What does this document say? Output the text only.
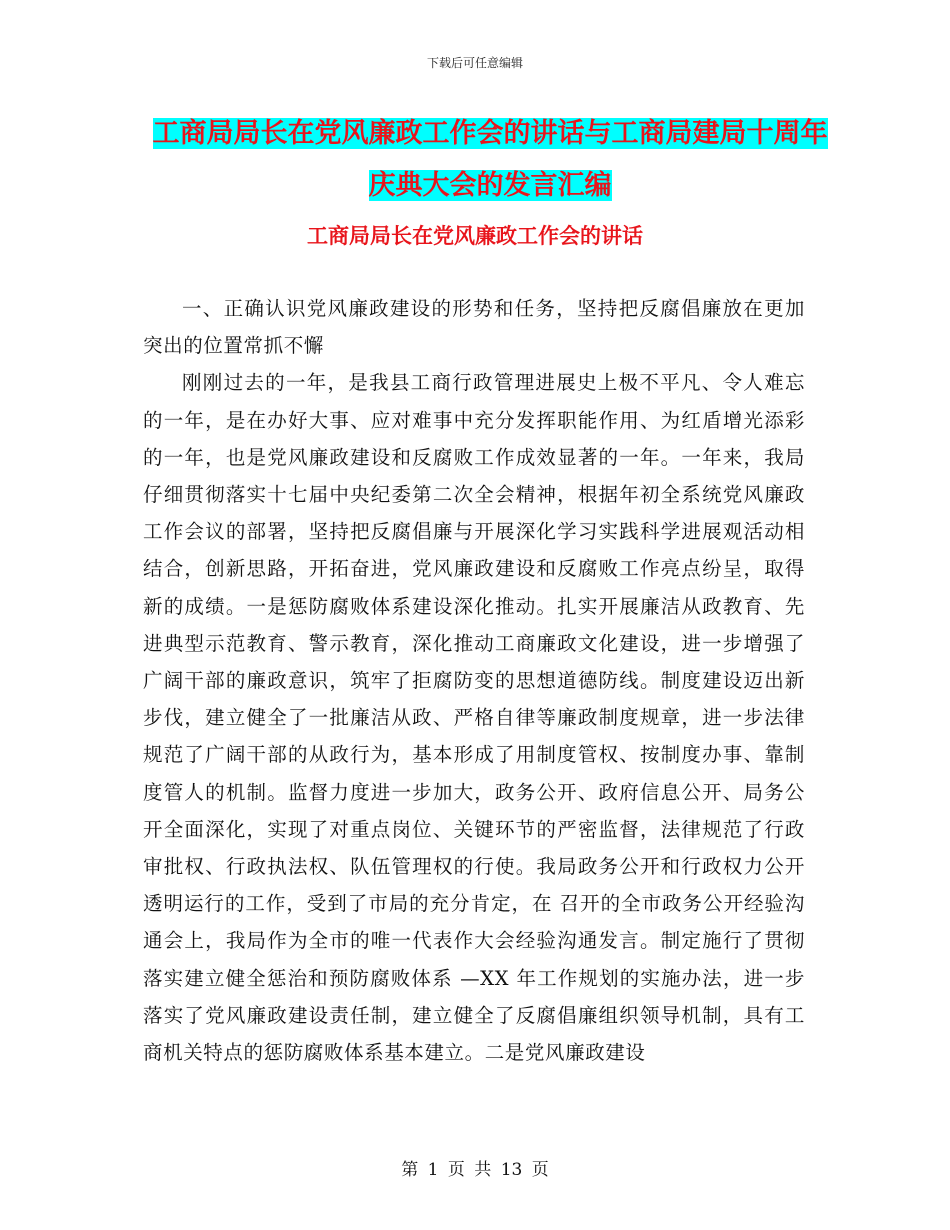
下载后可任意编辑
工商局局长在党风廉政工作会的讲话与工商局建局十周年庆典大会的发言汇编
工商局局长在党风廉政工作会的讲话

一、正确认识党风廉政建设的形势和任务，坚持把反腐倡廉放在更加突出的位置常抓不懈

刚刚过去的一年，是我县工商行政管理进展史上极不平凡、令人难忘的一年，是在办好大事、应对难事中充分发挥职能作用、为红盾增光添彩的一年，也是党风廉政建设和反腐败工作成效显著的一年。一年来，我局仔细贯彻落实十七届中央纪委第二次全会精神，根据年初全系统党风廉政工作会议的部署，坚持把反腐倡廉与开展深化学习实践科学进展观活动相结合，创新思路，开拓奋进，党风廉政建设和反腐败工作亮点纷呈，取得新的成绩。一是惩防腐败体系建设深化推动。扎实开展廉洁从政教育、先进典型示范教育、警示教育，深化推动工商廉政文化建设，进一步增强了广阔干部的廉政意识，筑牢了拒腐防变的思想道德防线。制度建设迈出新步伐，建立健全了一批廉洁从政、严格自律等廉政制度规章，进一步法律规范了广阔干部的从政行为，基本形成了用制度管权、按制度办事、靠制度管人的机制。监督力度进一步加大，政务公开、政府信息公开、局务公开全面深化，实现了对重点岗位、关键环节的严密监督，法律规范了行政审批权、行政执法权、队伍管理权的行使。我局政务公开和行政权力公开透明运行的工作，受到了市局的充分肯定，在 召开的全市政务公开经验沟通会上，我局作为全市的唯一代表作大会经验沟通发言。制定施行了贯彻落实建立健全惩治和预防腐败体系 —XX 年工作规划的实施办法，进一步落实了党风廉政建设责任制，建立健全了反腐倡廉组织领导机制，具有工商机关特点的惩防腐败体系基本建立。二是党风廉政建设

第 1 页 共 13 页
